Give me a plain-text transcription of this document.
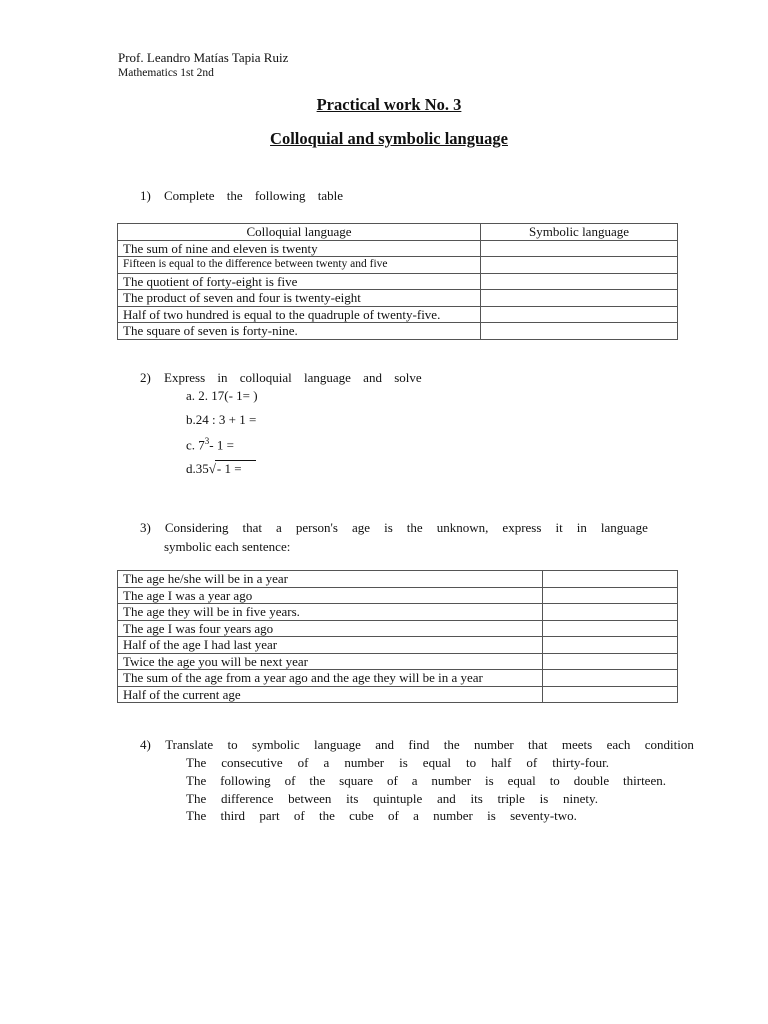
Prof. Leandro Matías Tapia Ruiz
Mathematics 1st 2nd
Practical work No. 3
Colloquial and symbolic language
1)	Complete the following table
Colloquial language	Symbolic language
The sum of nine and eleven is twenty	
Fifteen is equal to the difference between twenty and five	
The quotient of forty-eight is five	
The product of seven and four is twenty-eight	
Half of two hundred is equal to the quadruple of twenty-five.	
The square of seven is forty-nine.	
2)	Express in colloquial language and solve
a. 2. 17(- 1= )
b.24 : 3 + 1 =
c. $7^3-$ 1 =
d.35√- 1 =
3) Considering that a person's age is the unknown, express it in language
symbolic each sentence:
The age he/she will be in a year	
The age I was a year ago	
The age they will be in five years.	
The age I was four years ago	
Half of the age I had last year	
Twice the age you will be next year	
The sum of the age from a year ago and the age they will be in a year	
Half of the current age	
4) Translate to symbolic language and find the number that meets each condition
The consecutive of a number is equal to half of thirty-four.
The following of the square of a number is equal to double thirteen.
The difference between its quintuple and its triple is ninety.
The third part of the cube of a number is seventy-two.
